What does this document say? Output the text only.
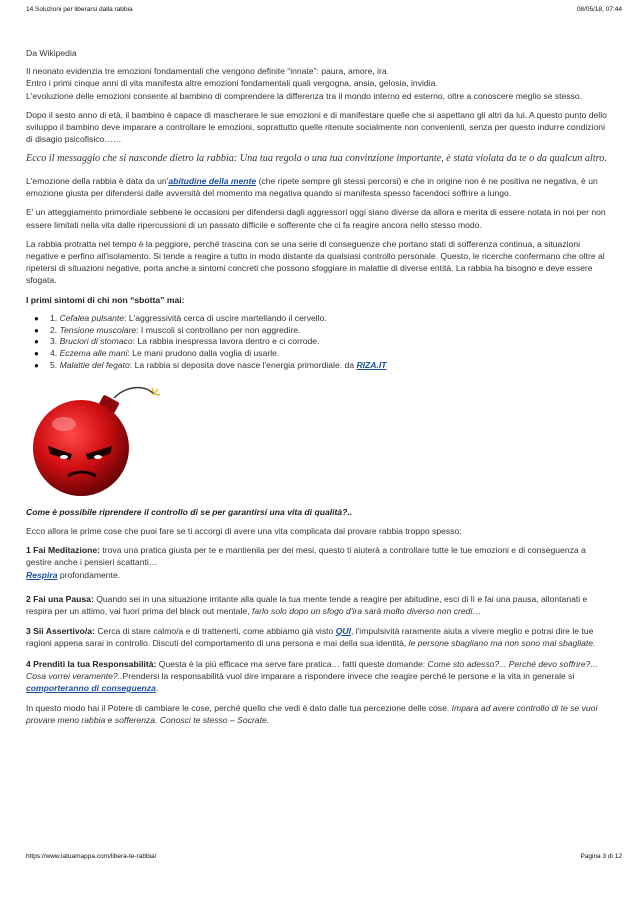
14 Soluzioni per liberarsi dalla rabbia	08/05/18, 07:44

Da Wikipedia

Il neonato evidenzia tre emozioni fondamentali che vengono definite “innate”: paura, amore, ira.
Entro i primi cinque anni di vita manifesta altre emozioni fondamentali quali vergogna, ansia, gelosia, invidia.
L'evoluzione delle emozioni consente al bambino di comprendere la differenza tra il mondo interno ed esterno, oltre a conoscere meglio se stesso.

Dopo il sesto anno di età, il bambino è capace di mascherare le sue emozioni e di manifestare quelle che si aspettano gli altri da lui. A questo punto dello sviluppo il bambino deve imparare a controllare le emozioni, soprattutto quelle ritenute socialmente non convenienti, senza per questo indurre condizioni di disagio psicofisico……

Ecco il messaggio che si nasconde dietro la rabbia: Una tua regola o una tua convinzione importante, è stata violata da te o da qualcun altro.

L'emozione della rabbia è data da un'abitudine della mente (che ripete sempre gli stessi percorsi) e che in origine non è ne positiva ne negativa, è un emozione giusta per difendersi dalle avversità del momento ma negativa quando si manifesta spesso facendoci soffrire a lungo.

E' un atteggiamento primordiale sebbene le occasioni per difendersi dagli aggressori oggi siano diverse da allora e merita di essere notata in noi per non essere limitati nella vita dalle ripercussioni di un passato difficile e sofferente che ci fa reagire ancora nello stesso modo.

La rabbia protratta nel tempo è la peggiore, perché trascina con se una serie di conseguenze che portano stati di sofferenza continua, a situazioni negative e perfino all'isolamento. Si tende a reagire a tutto in modo distante da qualsiasi controllo personale. Questo, le ricerche confermano che oltre al ripetersi di situazioni negative, porta anche a sintomi concreti che possono sfoggiare in malattie di diverse entità. La rabbia ha bisogno e deve essere sfogata.

I primi sintomi di chi non “sbotta” mai:

● 1. Cefalea pulsante: L'aggressività cerca di uscire martellando il cervello.
● 2. Tensione muscolare: I muscoli si controllano per non aggredire.
● 3. Bruciori di stomaco: La rabbia inespressa lavora dentro e ci corrode.
● 4. Eczema alle mani: Le mani prudono dalla voglia di usarle.
● 5. Malattie del fegato: La rabbia si deposita dove nasce l'energia primordiale. da RIZA.IT

Come è possibile riprendere il controllo di se per garantirsi una vita di qualità?..

Ecco allora le prime cose che puoi fare se ti accorgi di avere una vita complicata dal provare rabbia troppo spesso:

1 Fai Meditazione: trova una pratica giusta per te e mantienila per dei mesi, questo ti aiuterà a controllare tutte le tue emozioni e di conseguenza a gestire anche i pensieri scattanti…
Respira profondamente.

2 Fai una Pausa: Quando sei in una situazione irritante alla quale la tua mente tende a reagire per abitudine, esci di lì e fai una pausa, allontanati e respira per un attimo, vai fuori prima del black out mentale, farlo solo dopo un sfogo d'ira sarà molto diverso non credi…

3 Sii Assertivo/a: Cerca di stare calmo/a e di trattenerti, come abbiamo già visto QUI, l'impulsività raramente aiuta a vivere meglio e potrai dire le tue ragioni appena sarai in controllo. Discuti del comportamento di una persona e mai della sua identità, le persone sbagliano ma non sono mai sbagliate.

4 Prenditi la tua Responsabilità: Questa è la più efficace ma serve fare pratica… fatti queste domande: Come sto adesso?... Perché devo soffrire?... Cosa vorrei veramente?..Prendersi la responsabilità vuol dire imparare a rispondere invece che reagire perché le persone e la vita in generale si comporteranno di conseguenza.

In questo modo hai il Potere di cambiare le cose, perché quello che vedi è dato dalle tua percezione delle cose. Impara ad avere controllo di te se vuoi provare meno rabbia e sofferenza. Conosci te stesso – Socrate.

https://www.latuamappa.com/libera-te-rabbia/	Pagina 3 di 12
